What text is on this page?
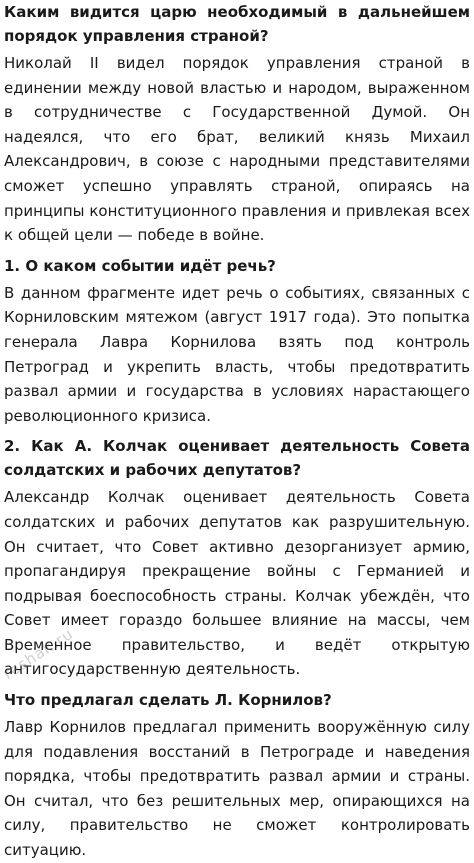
Каким видится царю необходимый в дальнейшем порядок управления страной?

Николай II видел порядок управления страной в единении между новой властью и народом, выраженном в сотрудничестве с Государственной Думой. Он надеялся, что его брат, великий князь Михаил Александрович, в союзе с народными представителями сможет успешно управлять страной, опираясь на принципы конституционного правления и привлекая всех к общей цели — победе в войне.

1. О каком событии идёт речь?

В данном фрагменте идет речь о событиях, связанных с Корниловским мятежом (август 1917 года). Это попытка генерала Лавра Корнилова взять под контроль Петроград и укрепить власть, чтобы предотвратить развал армии и государства в условиях нарастающего революционного кризиса.

2. Как А. Колчак оценивает деятельность Совета солдатских и рабочих депутатов?

Александр Колчак оценивает деятельность Совета солдатских и рабочих депутатов как разрушительную. Он считает, что Совет активно дезорганизует армию, пропагандируя прекращение войны с Германией и подрывая боеспособность страны. Колчак убеждён, что Совет имеет гораздо большее влияние на массы, чем Временное правительство, и ведёт открытую антигосударственную деятельность.

Что предлагал сделать Л. Корнилов?

Лавр Корнилов предлагал применить вооружённую силу для подавления восстаний в Петрограде и наведения порядка, чтобы предотвратить развал армии и страны. Он считал, что без решительных мер, опирающихся на силу, правительство не сможет контролировать ситуацию.

reshak.ru
